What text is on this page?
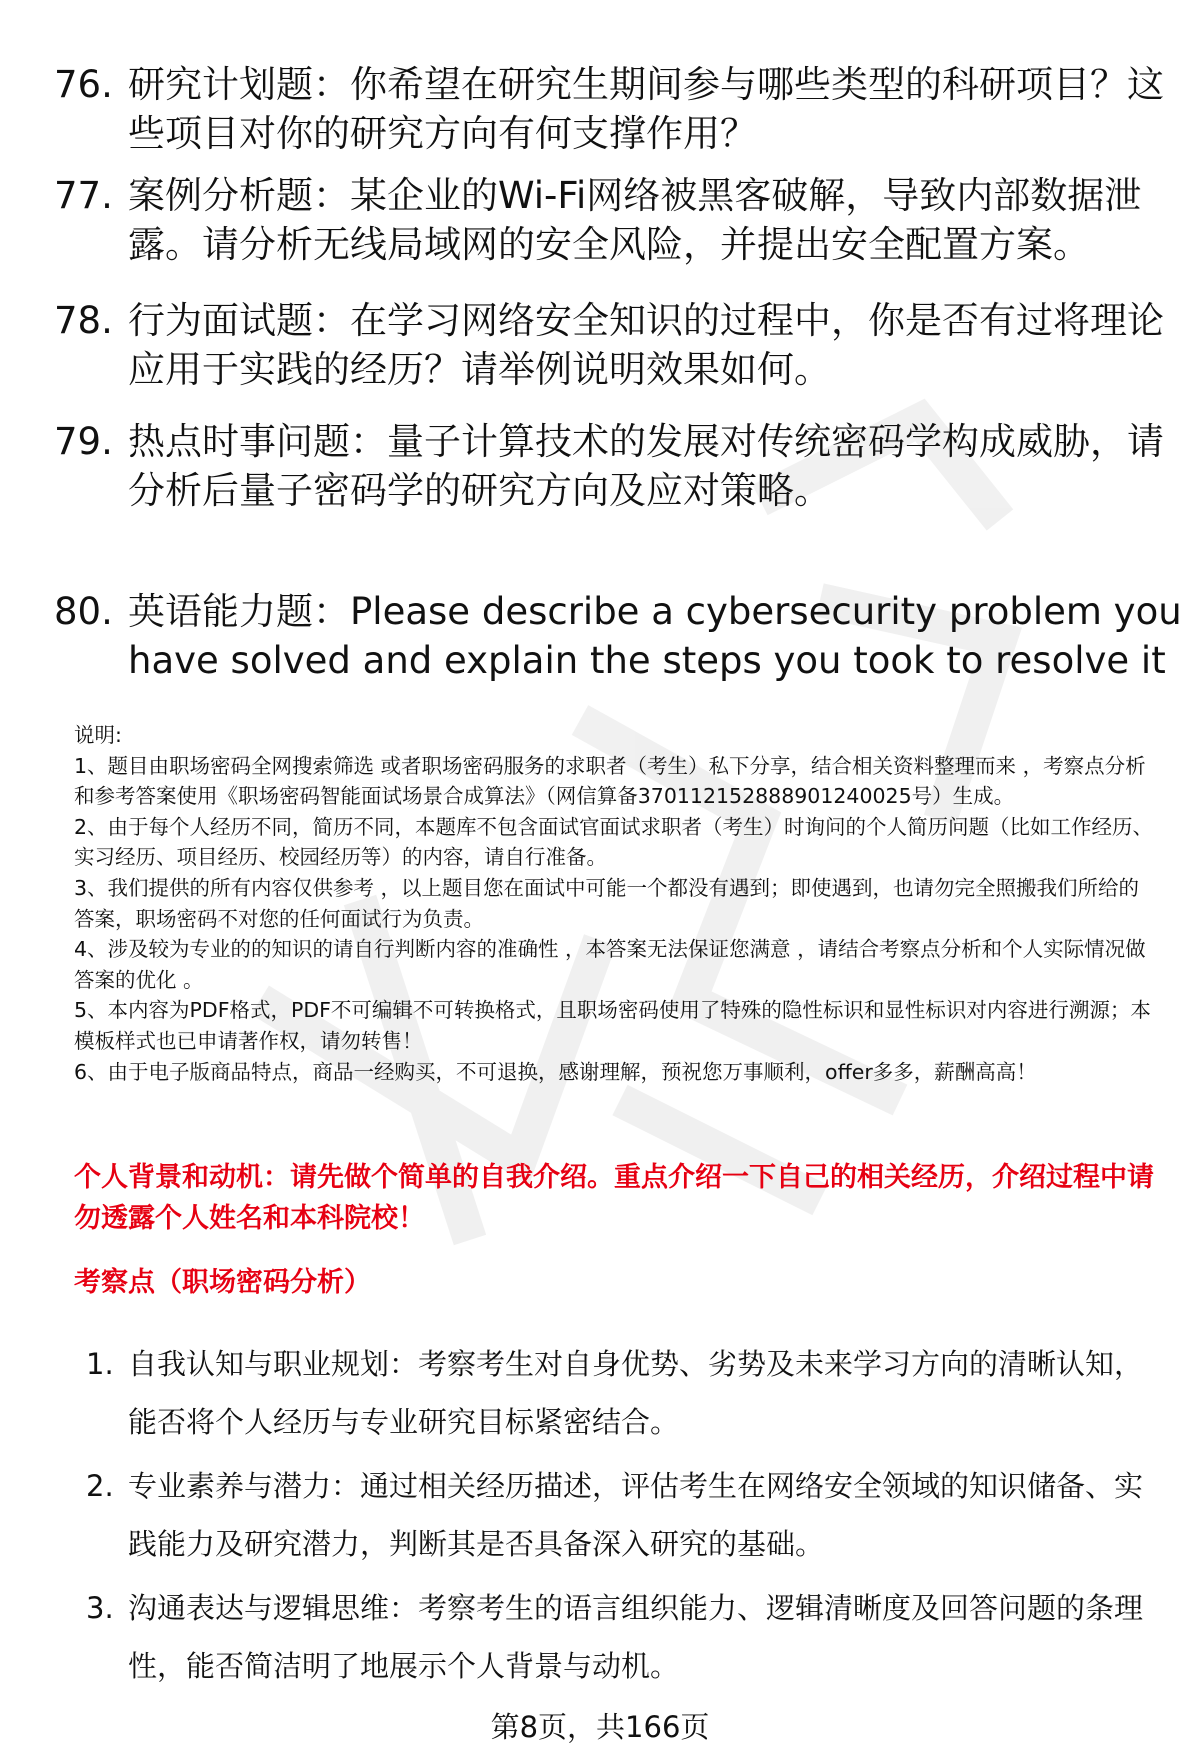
76. 研究计划题：你希望在研究生期间参与哪些类型的科研项目？这些项目对你的研究方向有何支撑作用？
77. 案例分析题：某企业的Wi-Fi网络被黑客破解，导致内部数据泄露。请分析无线局域网的安全风险，并提出安全配置方案。
78. 行为面试题：在学习网络安全知识的过程中，你是否有过将理论应用于实践的经历？请举例说明效果如何。
79. 热点时事问题：量子计算技术的发展对传统密码学构成威胁，请分析后量子密码学的研究方向及应对策略。
80. 英语能力题：Please describe a cybersecurity problem you have solved and explain the steps you took to resolve it

说明:

1、题目由职场密码全网搜索筛选 或者职场密码服务的求职者（考生）私下分享，结合相关资料整理而来 ，考察点分析和参考答案使用《职场密码智能面试场景合成算法》（网信算备370112152888901240025号）生成。

2、由于每个人经历不同，简历不同，本题库不包含面试官面试求职者（考生）时询问的个人简历问题（比如工作经历、实习经历、项目经历、校园经历等）的内容，请自行准备。

3、我们提供的所有内容仅供参考 ，以上题目您在面试中可能一个都没有遇到；即使遇到，也请勿完全照搬我们所给的答案，职场密码不对您的任何面试行为负责。

4、涉及较为专业的的知识的请自行判断内容的准确性 ，本答案无法保证您满意 ，请结合考察点分析和个人实际情况做答案的优化 。

5、本内容为PDF格式，PDF不可编辑不可转换格式，且职场密码使用了特殊的隐性标识和显性标识对内容进行溯源；本模板样式也已申请著作权，请勿转售！

6、由于电子版商品特点，商品一经购买，不可退换，感谢理解，预祝您万事顺利，offer多多，薪酬高高！

个人背景和动机：请先做个简单的自我介绍。重点介绍一下自己的相关经历，介绍过程中请勿透露个人姓名和本科院校！
考察点（职场密码分析）
1. 自我认知与职业规划：考察考生对自身优势、劣势及未来学习方向的清晰认知，能否将个人经历与专业研究目标紧密结合。
2. 专业素养与潜力：通过相关经历描述，评估考生在网络安全领域的知识储备、实践能力及研究潜力，判断其是否具备深入研究的基础。
3. 沟通表达与逻辑思维：考察考生的语言组织能力、逻辑清晰度及回答问题的条理性，能否简洁明了地展示个人背景与动机。
第8页，共166页
